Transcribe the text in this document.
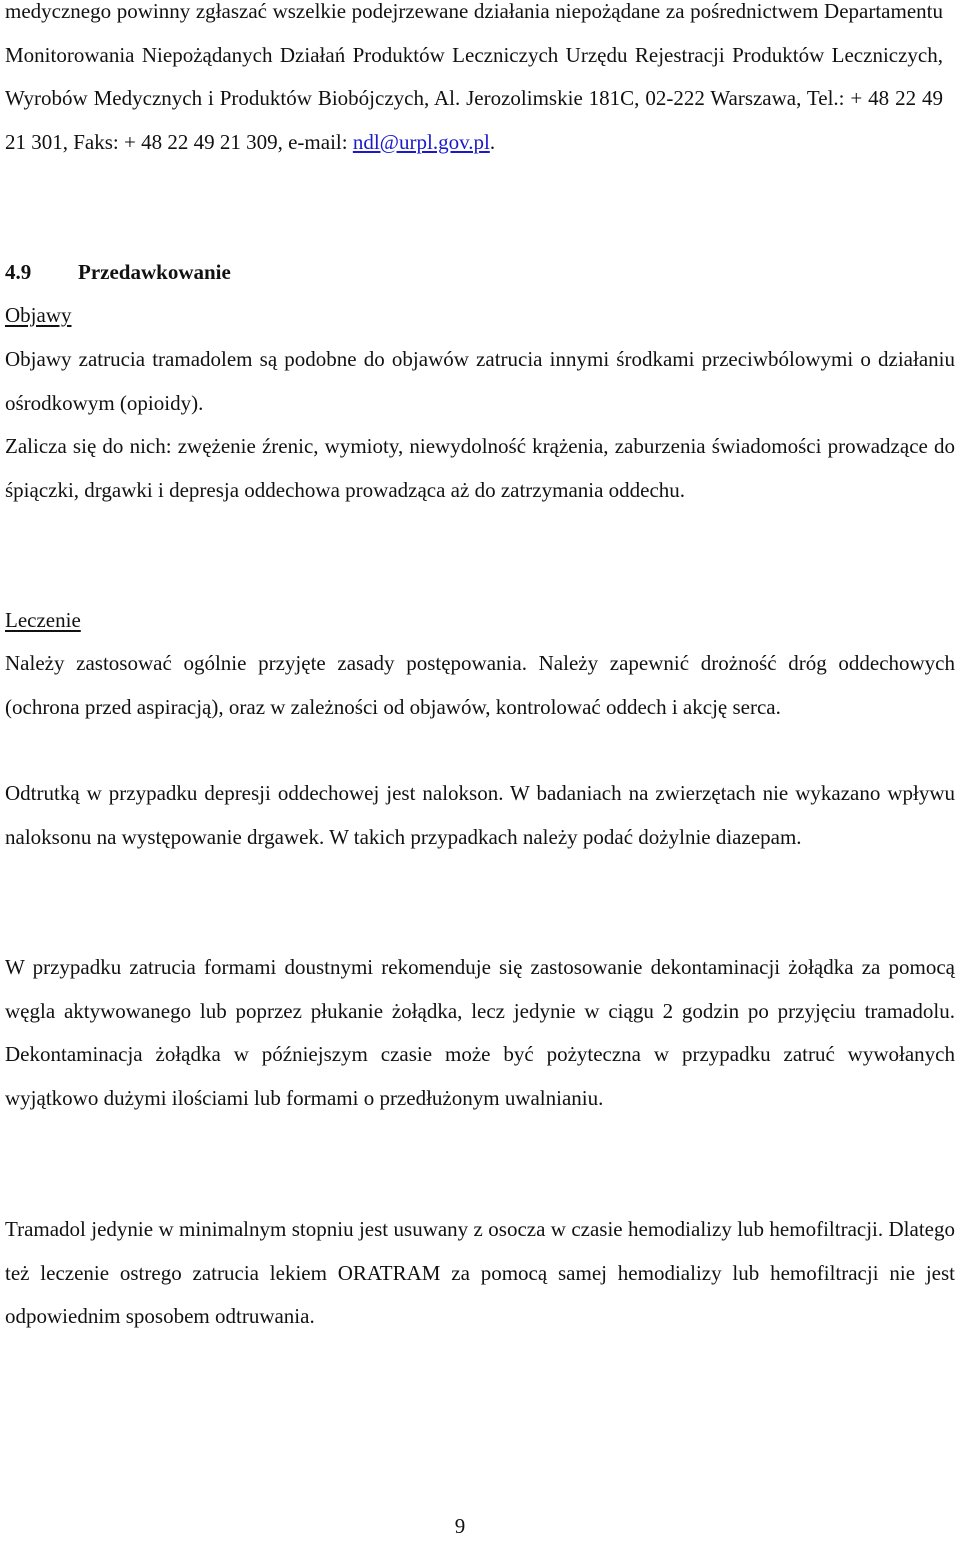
medycznego powinny zgłaszać wszelkie podejrzewane działania niepożądane za pośrednictwem Departamentu Monitorowania Niepożądanych Działań Produktów Leczniczych Urzędu Rejestracji Produktów Leczniczych, Wyrobów Medycznych i Produktów Biobójczych, Al. Jerozolimskie 181C, 02-222 Warszawa, Tel.: + 48 22 49 21 301, Faks: + 48 22 49 21 309, e-mail: ndl@urpl.gov.pl.

4.9 Przedawkowanie
Objawy

Objawy zatrucia tramadolem są podobne do objawów zatrucia innymi środkami przeciwbólowymi o działaniu ośrodkowym (opioidy).

Zalicza się do nich: zwężenie źrenic, wymioty, niewydolność krążenia, zaburzenia świadomości prowadzące do śpiączki, drgawki i depresja oddechowa prowadząca aż do zatrzymania oddechu.

Leczenie

Należy zastosować ogólnie przyjęte zasady postępowania. Należy zapewnić drożność dróg oddechowych (ochrona przed aspiracją), oraz w zależności od objawów, kontrolować oddech i akcję serca.

Odtrutką w przypadku depresji oddechowej jest nalokson. W badaniach na zwierzętach nie wykazano wpływu naloksonu na występowanie drgawek. W takich przypadkach należy podać dożylnie diazepam.

W przypadku zatrucia formami doustnymi rekomenduje się zastosowanie dekontaminacji żołądka za pomocą węgla aktywowanego lub poprzez płukanie żołądka, lecz jedynie w ciągu 2 godzin po przyjęciu tramadolu. Dekontaminacja żołądka w późniejszym czasie może być pożyteczna w przypadku zatruć wywołanych wyjątkowo dużymi ilościami lub formami o przedłużonym uwalnianiu.

Tramadol jedynie w minimalnym stopniu jest usuwany z osocza w czasie hemodializy lub hemofiltracji. Dlatego też leczenie ostrego zatrucia lekiem ORATRAM za pomocą samej hemodializy lub hemofiltracji nie jest odpowiednim sposobem odtruwania.

9
